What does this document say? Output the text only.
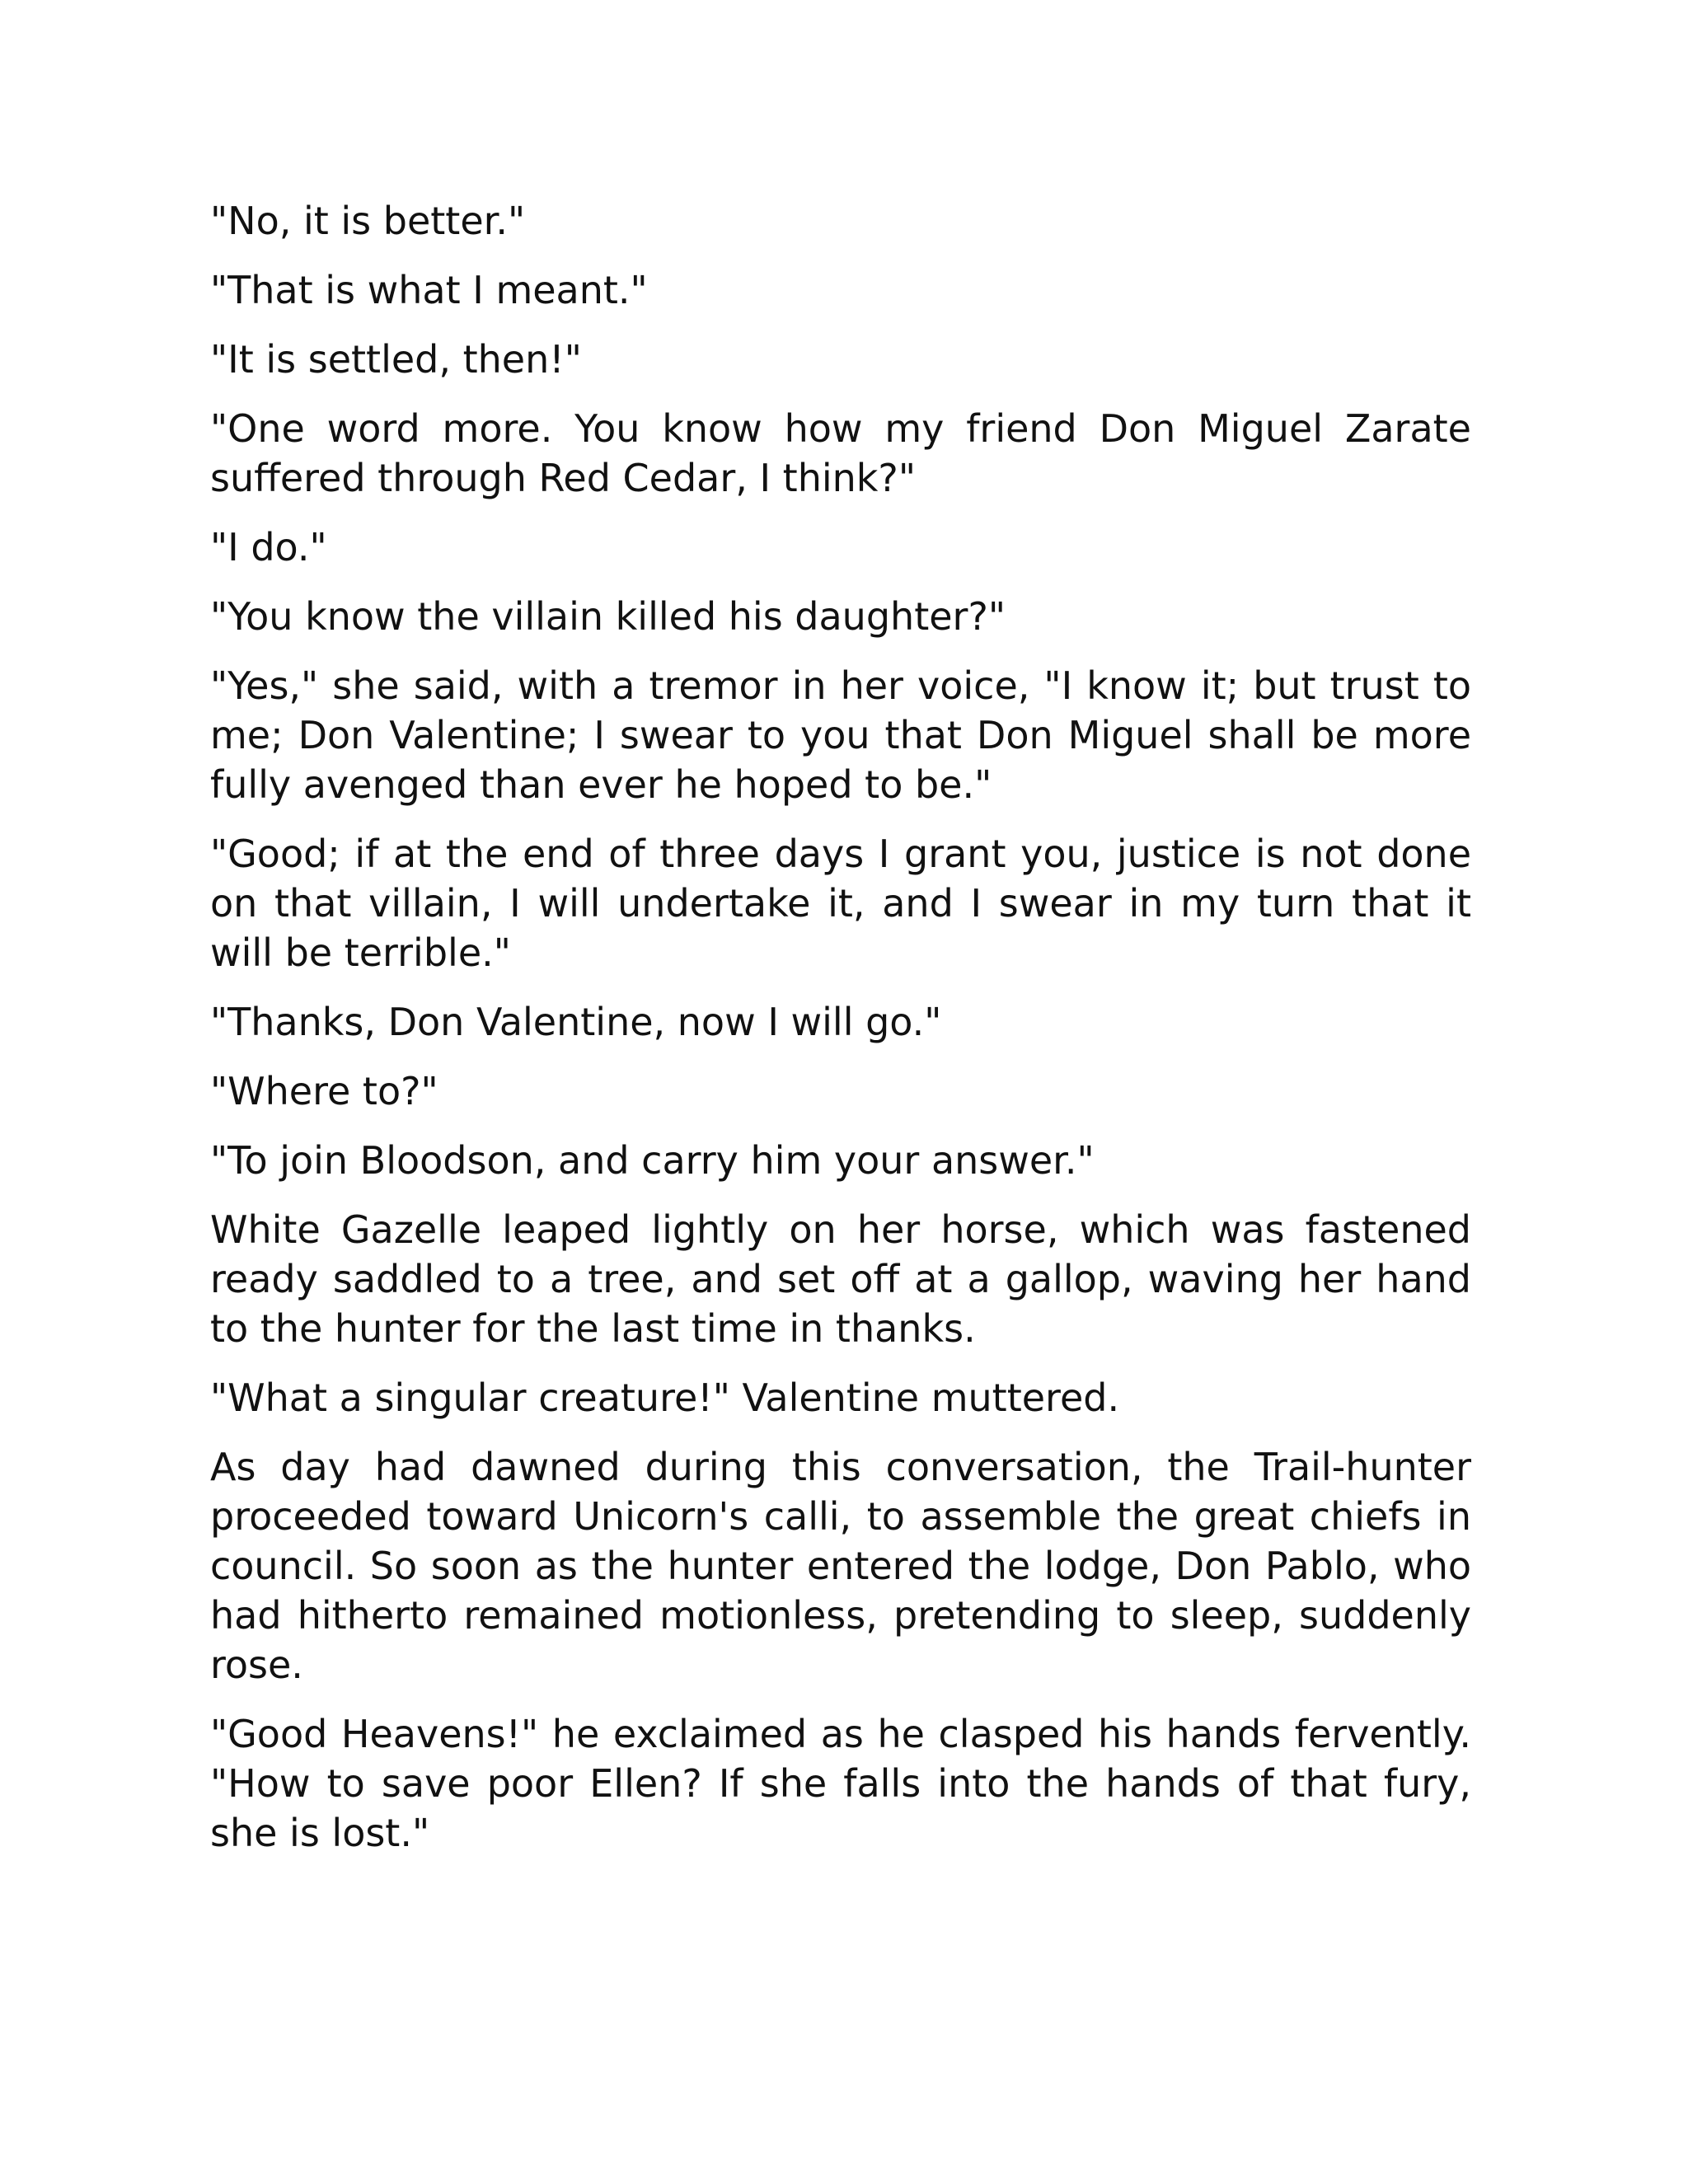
"No, it is better."

"That is what I meant."

"It is settled, then!"

"One word more. You know how my friend Don Miguel Zarate suffered through Red Cedar, I think?"

"I do."

"You know the villain killed his daughter?"

"Yes," she said, with a tremor in her voice, "I know it; but trust to me; Don Valentine; I swear to you that Don Miguel shall be more fully avenged than ever he hoped to be."

"Good; if at the end of three days I grant you, justice is not done on that villain, I will undertake it, and I swear in my turn that it will be terrible."

"Thanks, Don Valentine, now I will go."

"Where to?"

"To join Bloodson, and carry him your answer."

White Gazelle leaped lightly on her horse, which was fastened ready saddled to a tree, and set off at a gallop, waving her hand to the hunter for the last time in thanks.

"What a singular creature!" Valentine muttered.

As day had dawned during this conversation, the Trail-hunter proceeded toward Unicorn's calli, to assemble the great chiefs in council. So soon as the hunter entered the lodge, Don Pablo, who had hitherto remained motionless, pretending to sleep, suddenly rose.

"Good Heavens!" he exclaimed as he clasped his hands fervently. "How to save poor Ellen? If she falls into the hands of that fury, she is lost."
